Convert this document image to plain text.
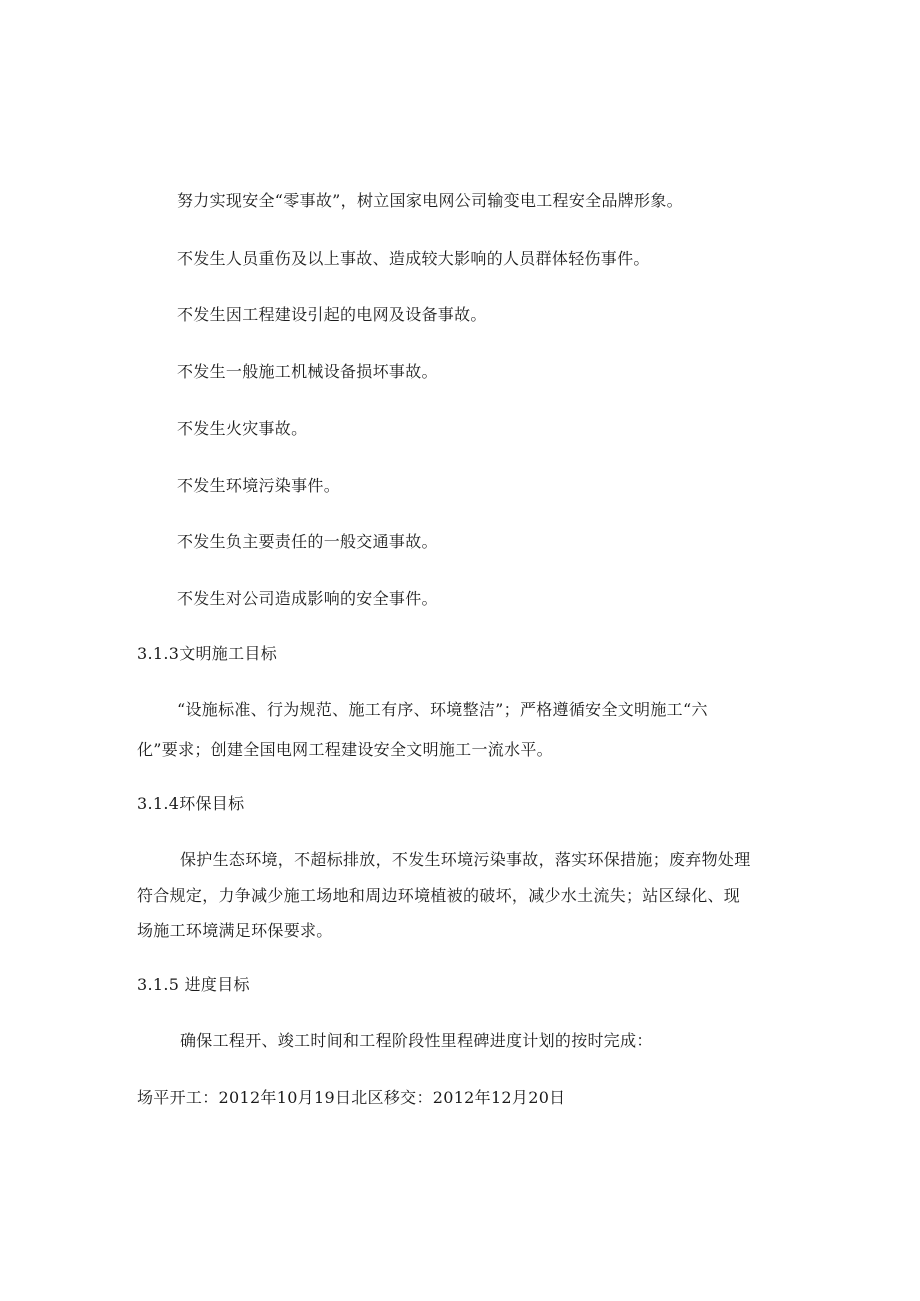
努力实现安全“零事故”，树立国家电网公司输变电工程安全品牌形象。
不发生人员重伤及以上事故、造成较大影响的人员群体轻伤事件。
不发生因工程建设引起的电网及设备事故。
不发生一般施工机械设备损坏事故。
不发生火灾事故。
不发生环境污染事件。
不发生负主要责任的一般交通事故。
不发生对公司造成影响的安全事件。
3.1.3文明施工目标
“设施标准、行为规范、施工有序、环境整洁”；严格遵循安全文明施工“六
化”要求；创建全国电网工程建设安全文明施工一流水平。
3.1.4环保目标
保护生态环境，不超标排放，不发生环境污染事故，落实环保措施；废弃物处理
符合规定，力争减少施工场地和周边环境植被的破坏，减少水土流失；站区绿化、现
场施工环境满足环保要求。
3.1.5 进度目标
确保工程开、竣工时间和工程阶段性里程碑进度计划的按时完成：
场平开工：2012年10月19日北区移交：2012年12月20日
